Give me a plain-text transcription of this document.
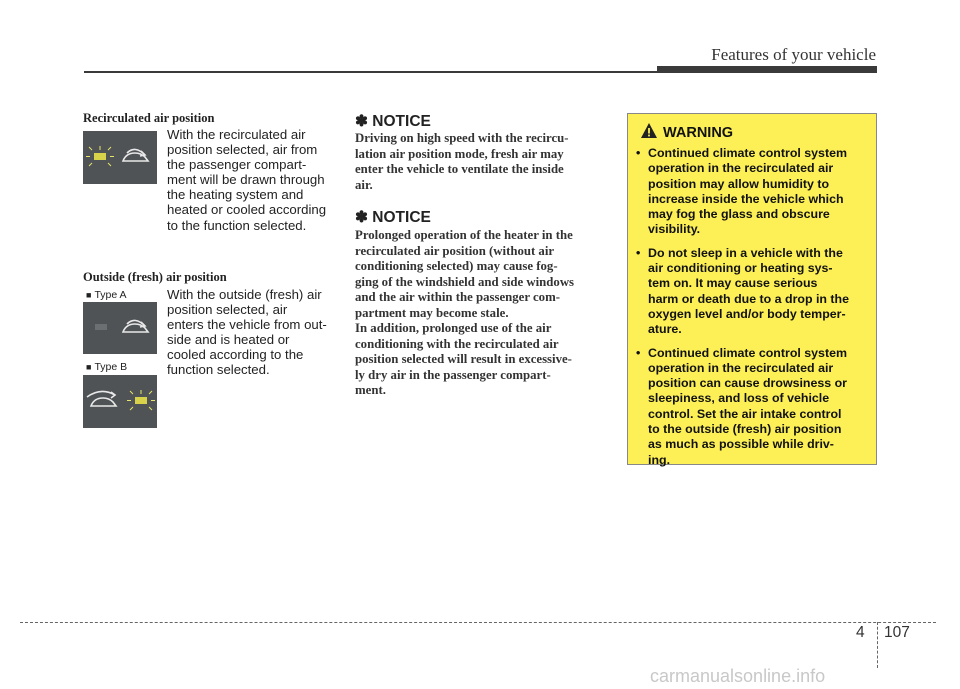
Features of your vehicle
Recirculated air position
With the recirculated air
position selected, air from
the passenger compart-
ment will be drawn through
the heating system and
heated or cooled according
to the function selected.
Outside (fresh) air position
■ Type A
■ Type B
With the outside (fresh) air
position selected, air
enters the vehicle from out-
side and is heated or
cooled according to the
function selected.
✽ NOTICE
Driving on high speed with the recircu-
lation air position mode, fresh air may
enter the vehicle to ventilate the inside
air.
✽ NOTICE
Prolonged operation of the heater in the
recirculated air position (without air
conditioning selected) may cause fog-
ging of the windshield and side windows
and the air within the passenger com-
partment may become stale.
In addition, prolonged use of the air
conditioning with the recirculated air
position selected will result in excessive-
ly dry air in the passenger compart-
ment.
WARNING
• Continued climate control system
operation in the recirculated air
position may allow humidity to
increase inside the vehicle which
may fog the glass and obscure
visibility.
• Do not sleep in a vehicle with the
air conditioning or heating sys-
tem on. It may cause serious
harm or death due to a drop in the
oxygen level and/or body temper-
ature.
• Continued climate control system
operation in the recirculated air
position can cause drowsiness or
sleepiness, and loss of vehicle
control. Set the air intake control
to the outside (fresh) air position
as much as possible while driv-
ing.
4 107
carmanualsonline.info
